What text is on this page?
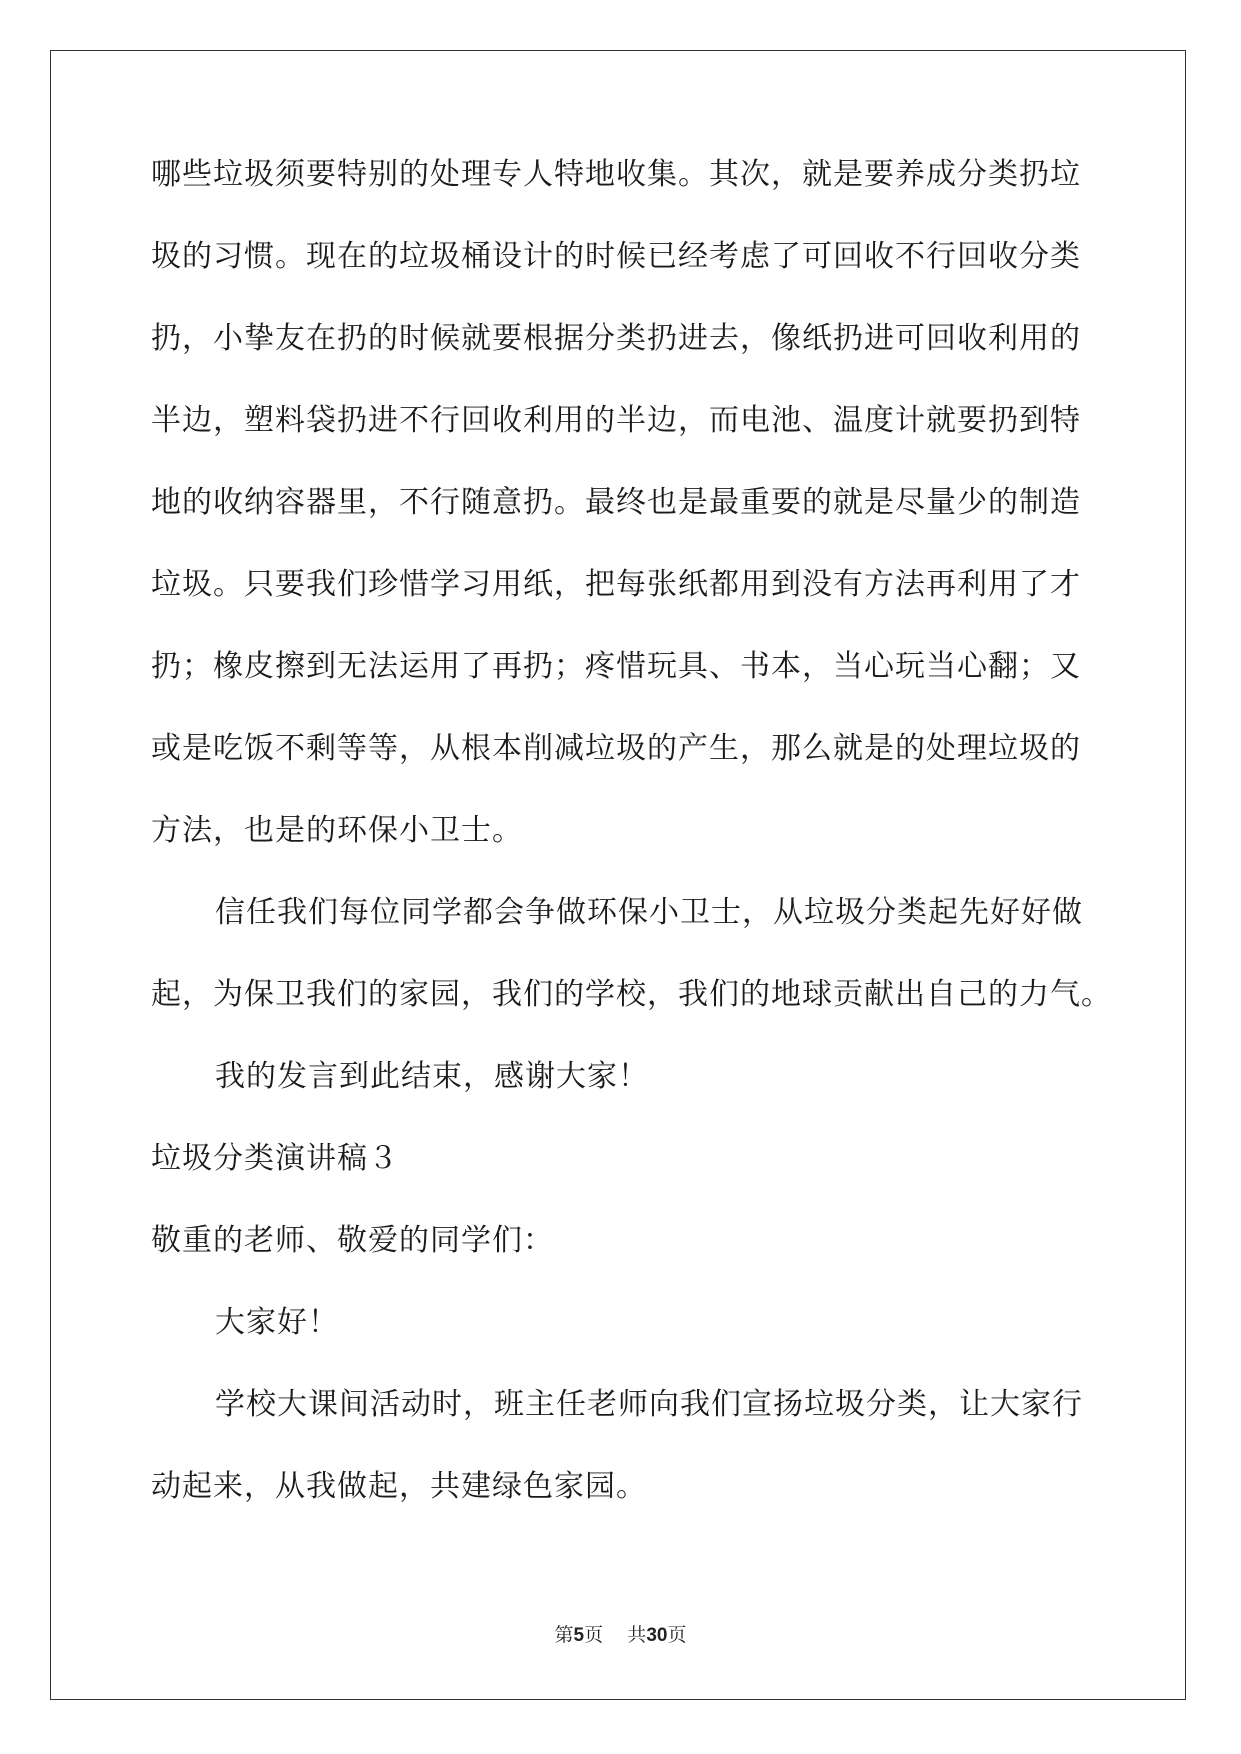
哪些垃圾须要特别的处理专人特地收集。其次，就是要养成分类扔垃

圾的习惯。现在的垃圾桶设计的时候已经考虑了可回收不行回收分类

扔，小挚友在扔的时候就要根据分类扔进去，像纸扔进可回收利用的

半边，塑料袋扔进不行回收利用的半边，而电池、温度计就要扔到特

地的收纳容器里，不行随意扔。最终也是最重要的就是尽量少的制造

垃圾。只要我们珍惜学习用纸，把每张纸都用到没有方法再利用了才

扔；橡皮擦到无法运用了再扔；疼惜玩具、书本，当心玩当心翻；又

或是吃饭不剩等等，从根本削减垃圾的产生，那么就是的处理垃圾的

方法，也是的环保小卫士。

信任我们每位同学都会争做环保小卫士，从垃圾分类起先好好做

起，为保卫我们的家园，我们的学校，我们的地球贡献出自己的力气。

我的发言到此结束，感谢大家！

垃圾分类演讲稿３

敬重的老师、敬爱的同学们：

大家好！

学校大课间活动时，班主任老师向我们宣扬垃圾分类，让大家行

动起来，从我做起，共建绿色家园。

第5页 共30页
